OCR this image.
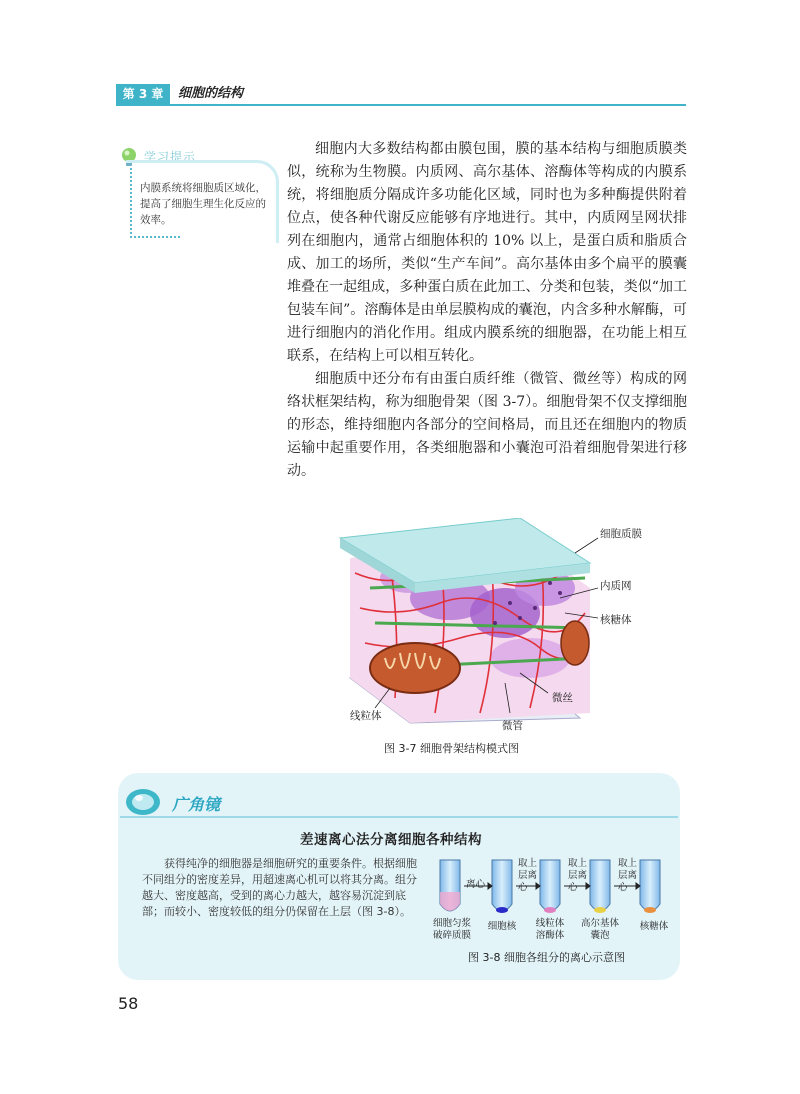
第 3 章	细胞的结构
学习提示
内膜系统将细胞质区域化，提高了细胞生理生化反应的效率。

细胞内大多数结构都由膜包围，膜的基本结构与细胞质膜类似，统称为生物膜。内质网、高尔基体、溶酶体等构成的内膜系统，将细胞质分隔成许多功能化区域，同时也为多种酶提供附着位点，使各种代谢反应能够有序地进行。其中，内质网呈网状排列在细胞内，通常占细胞体积的 10% 以上，是蛋白质和脂质合成、加工的场所，类似“生产车间”。高尔基体由多个扁平的膜囊堆叠在一起组成，多种蛋白质在此加工、分类和包装，类似“加工包装车间”。溶酶体是由单层膜构成的囊泡，内含多种水解酶，可进行细胞内的消化作用。组成内膜系统的细胞器，在功能上相互联系，在结构上可以相互转化。

细胞质中还分布有由蛋白质纤维（微管、微丝等）构成的网络状框架结构，称为细胞骨架（图 3-7）。细胞骨架不仅支撑细胞的形态，维持细胞内各部分的空间格局，而且还在细胞内的物质运输中起重要作用，各类细胞器和小囊泡可沿着细胞骨架进行移动。

细胞质膜
内质网
核糖体
微丝
线粒体
微管
图 3-7 细胞骨架结构模式图
广角镜
差速离心法分离细胞各种结构
获得纯净的细胞器是细胞研究的重要条件。根据细胞不同组分的密度差异，用超速离心机可以将其分离。组分越大、密度越高，受到的离心力越大，越容易沉淀到底部；而较小、密度较低的组分仍保留在上层（图 3-8）。
离心
取上层离心
取上层离心
取上层离心
细胞匀浆破碎质膜
细胞核	线粒体溶酶体
高尔基体囊泡
核糖体
图 3-8 细胞各组分的离心示意图
58
